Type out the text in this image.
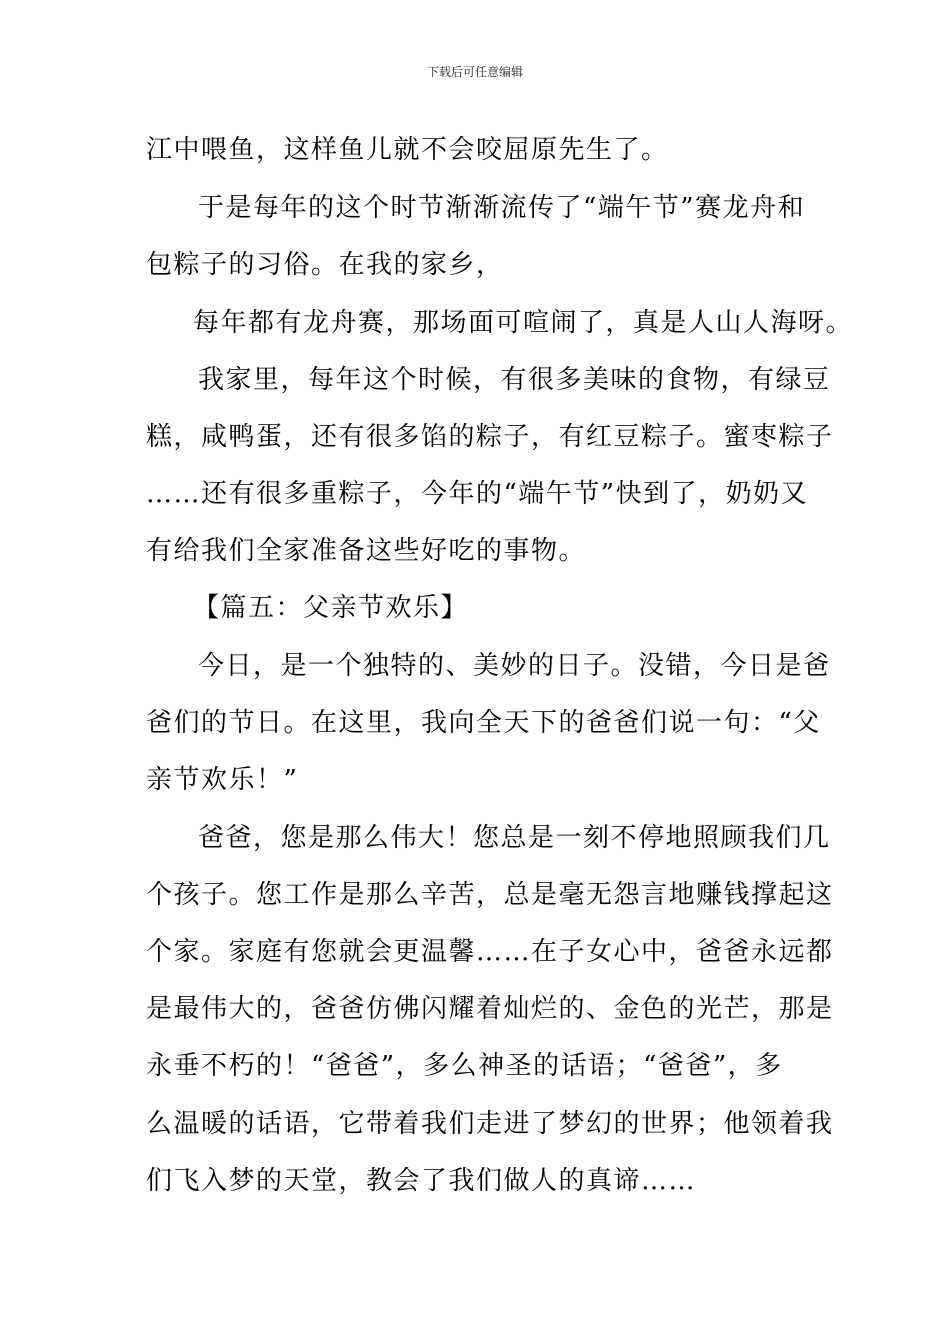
下载后可任意编辑
江中喂鱼，这样鱼儿就不会咬屈原先生了。
于是每年的这个时节渐渐流传了“端午节”赛龙舟和
包粽子的习俗。在我的家乡，
每年都有龙舟赛，那场面可喧闹了，真是人山人海呀。
我家里，每年这个时候，有很多美味的食物，有绿豆
糕，咸鸭蛋，还有很多馅的粽子，有红豆粽子。蜜枣粽子
……还有很多重粽子，今年的“端午节”快到了，奶奶又
有给我们全家准备这些好吃的事物。
【篇五：父亲节欢乐】
今日，是一个独特的、美妙的日子。没错，今日是爸
爸们的节日。在这里，我向全天下的爸爸们说一句：“父
亲节欢乐！”
爸爸，您是那么伟大！您总是一刻不停地照顾我们几
个孩子。您工作是那么辛苦，总是毫无怨言地赚钱撑起这
个家。家庭有您就会更温馨……在子女心中，爸爸永远都
是最伟大的，爸爸仿佛闪耀着灿烂的、金色的光芒，那是
永垂不朽的！“爸爸”，多么神圣的话语；“爸爸”，多
么温暖的话语，它带着我们走进了梦幻的世界；他领着我
们飞入梦的天堂，教会了我们做人的真谛……
